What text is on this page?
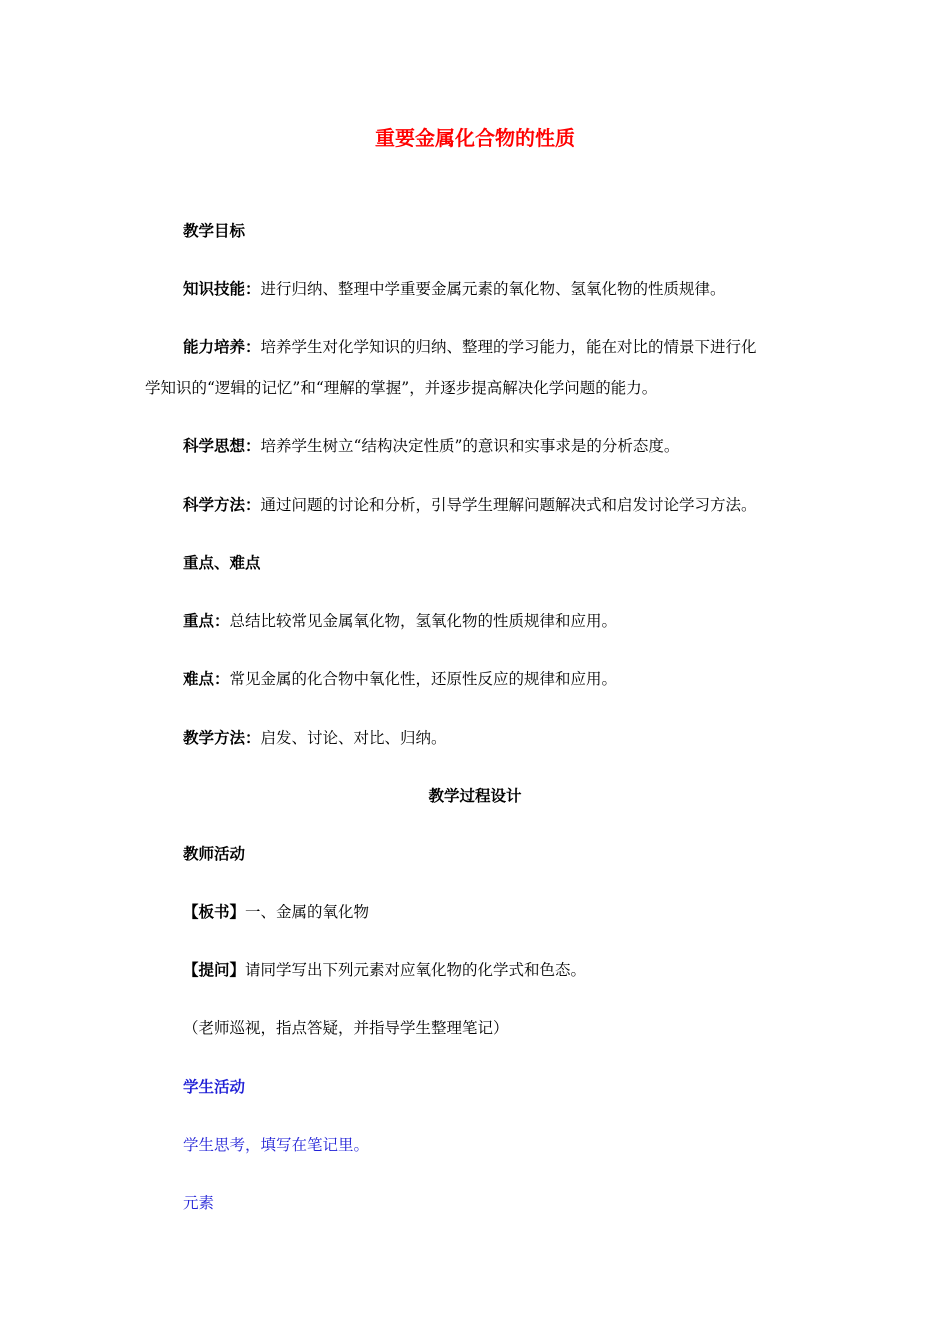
重要金属化合物的性质
教学目标
知识技能：进行归纳、整理中学重要金属元素的氧化物、氢氧化物的性质规律。
能力培养：培养学生对化学知识的归纳、整理的学习能力，能在对比的情景下进行化
学知识的“逻辑的记忆”和“理解的掌握”，并逐步提高解决化学问题的能力。
科学思想：培养学生树立“结构决定性质”的意识和实事求是的分析态度。
科学方法：通过问题的讨论和分析，引导学生理解问题解决式和启发讨论学习方法。
重点、难点
重点：总结比较常见金属氧化物，氢氧化物的性质规律和应用。
难点：常见金属的化合物中氧化性，还原性反应的规律和应用。
教学方法：启发、讨论、对比、归纳。
教学过程设计
教师活动
【板书】一、金属的氧化物
【提问】请同学写出下列元素对应氧化物的化学式和色态。
（老师巡视，指点答疑，并指导学生整理笔记）
学生活动
学生思考，填写在笔记里。
元素
